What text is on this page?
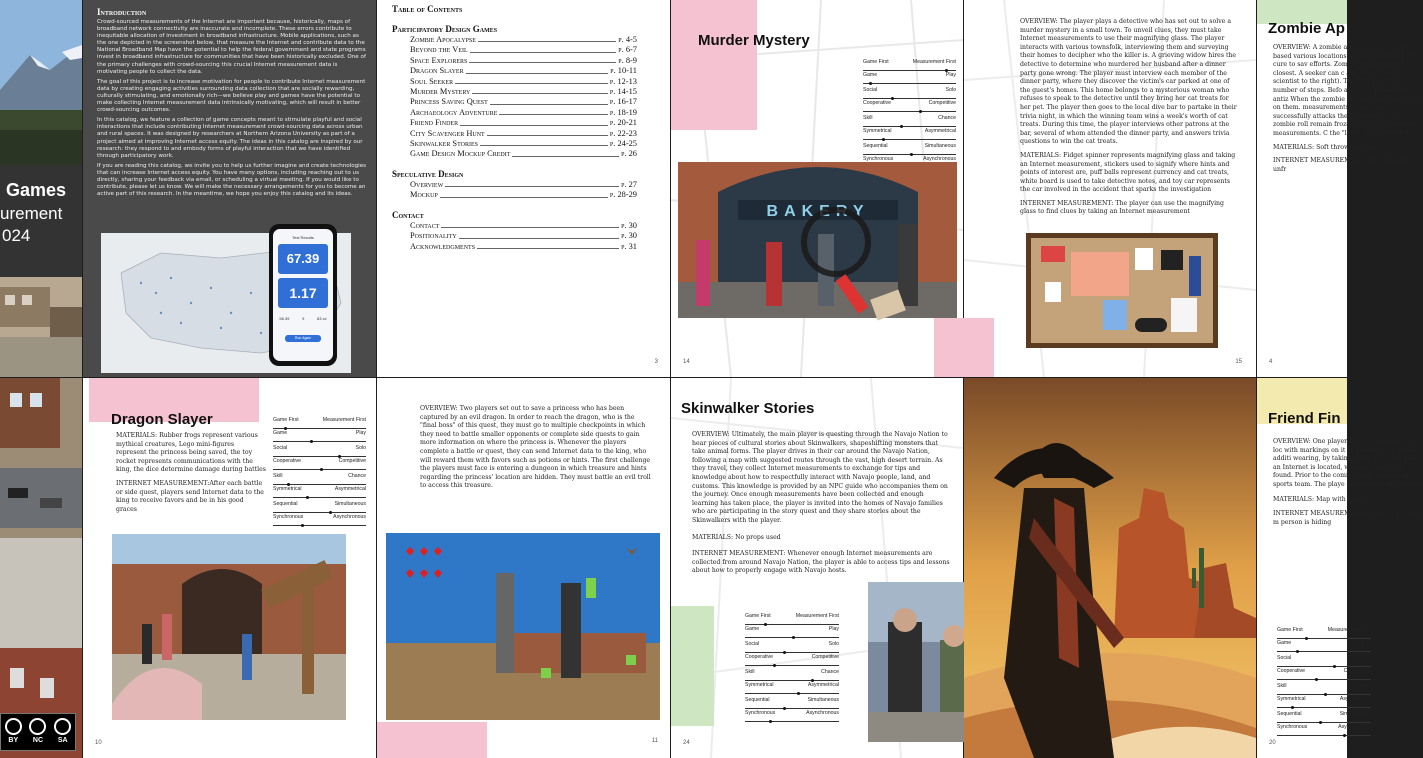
Games
urement
024
Introduction

Crowd-sourced measurements of the Internet are important because, historically, maps of broadband network connectivity are inaccurate and incomplete. These errors contribute to inequitable allocation of investment in broadband infrastructure. Mobile applications, such as the one depicted in the screenshot below, that measure the Internet and contribute data to the National Broadband Map have the potential to help the federal government and state programs invest in broadband infrastructure for communities that have been historically excluded. One of the primary challenges with crowd-sourcing this crucial Internet measurement data is motivating people to collect the data.

The goal of this project is to increase motivation for people to contribute Internet measurement data by creating engaging activities surrounding data collection that are socially rewarding, culturally stimulating, and emotionally rich—we believe play and games have the potential to make collecting Internet measurement data intrinsically motivating, which will result in better crowd-sourcing outcomes.

In this catalog, we feature a collection of game concepts meant to stimulate playful and social interactions that include contributing Internet measurement crowd-sourcing data across urban and rural spaces. It was designed by researchers at Northern Arizona University as part of a project aimed at improving Internet access equity. The ideas in this catalog are inspired by our research: they respond to and embody forms of playful interaction that we have identified through participatory work.

If you are reading this catalog, we invite you to help us further imagine and create technologies that can increase Internet access equity. You have many options, including reaching out to us directly, sharing your feedback via email, or scheduling a virtual meeting. If you would like to contribute, please let us know. We will make the necessary arrangements for you to become an active part of this research. In the meantime, we hope you enjoy this catalog and its ideas.

Test Results
67.39
1.17
56.39	9	83.xx
Run Again
Table of Contents
Participatory Design Games
Zombie Apocalypse	p. 4-5
Beyond the Veil	p. 6-7
Space Explorers	p. 8-9
Dragon Slayer	p. 10-11
Soul Seeker	p. 12-13
Murder Mystery	p. 14-15
Princess Saving Quest	p. 16-17
Archaeology Adventure	p. 18-19
Friend Finder	p. 20-21
City Scavenger Hunt	p. 22-23
Skinwalker Stories	p. 24-25
Game Design Mockup Credit	p. 26
Speculative Design
Overview	p. 27
Mockup	p. 28-29
Contact
Contact	p. 30
Positionality	p. 30
Acknowledgments	p. 31
3
Murder Mystery
Game First	Measurement First
Game	Play
Social	Solo
Cooperative	Competitive
Skill	Chance
Symmetrical	Asymmetrical
Sequential	Simultaneous
Synchronous	Asynchronous
BAKERY
14

OVERVIEW: The player plays a detective who has set out to solve a murder mystery in a small town. To unveil clues, they must take Internet measurements to use their magnifying glass. The player interacts with various townsfolk, interviewing them and surveying their homes to decipher who the killer is. A grieving widow hires the detective to determine who murdered her husband after a dinner party gone wrong. The player must interview each member of the dinner party, where they discover the victim's car parked at one of the guest's homes. This home belongs to a mysterious woman who refuses to speak to the detective until they bring her cat treats for her pet. The player then goes to the local dive bar to partake in their trivia night, in which the winning team wins a week's worth of cat treats. During this time, the player interviews other patrons at the bar, several of whom attended the dinner party, and answers trivia questions to win the cat treats.

MATERIALS: Fidget spinner represents magnifying glass and taking an Internet measurement, stickers used to signify where hints and points of interest are, puff balls represent currency and cat treats, white board is used to take detective notes, and toy car represents the car involved in the accident that sparks the investigation

INTERNET MEASUREMENT: The player can use the magnifying glass to find clues by taking an Internet measurement

15
Zombie Ap

OVERVIEW: A zombie ap searching for plant-based various locations, receivi searching for a cure to sav efforts. Zombie players m the closest. A seeker can c and closer to the scientist to the right). The first dicc the number of steps. Befo area to represent the antiz When the zombie is close make an attack on them. measurements to save the successfully attacks the se zombie. If the zombie roll remain frozen for 10 seco Internet measurements. C the "level." However, if th

MATERIALS: Soft throw reference

INTERNET MEASUREM location hints and to unfr

4
BY NC SA
Dragon Slayer

MATERIALS: Rubber frogs represent various mythical creatures, Lego mini-figures represent the princess being saved, the toy rocket represents communications with the king, the dice determine damage during battles

INTERNET MEASUREMENT:After each battle or side quest, players send Internet data to the king to receive favors and be in his good graces

Game First	Measurement First
Game	Play
Social	Solo
Cooperative	Competitive
Skill	Chance
Symmetrical	Asymmetrical
Sequential	Simultaneous
Synchronous	Asynchronous
10
OVERVIEW: Two players set out to save a princess who has been captured by an evil dragon. In order to reach the dragon, who is the "final boss" of this quest, they must go to multiple checkpoints in which they need to battle smaller opponents or complete side quests to gain more information on where the princess is. Whenever the players complete a battle or quest, they can send Internet data to the king, who will reward them with favors such as potions or hints. The first challenge the players must face is entering a dungeon in which treasure and hints regarding the princess' location are hidden. They must battle an evil troll to access this treasure.
11
Skinwalker Stories

OVERVIEW: Ultimately, the main player is questing through the Navajo Nation to hear pieces of cultural stories about Skinwalkers, shapeshifting monsters that take animal forms. The player drives in their car around the Navajo Nation, following a map with suggested routes through the vast, high desert terrain. As they travel, they collect Internet measurements to exchange for tips and knowledge about how to respectfully interact with Navajo people, land, and customs. This knowledge is provided by an NPC guide who accompanies them on the journey. Once enough measurements have been collected and enough learning has taken place, the player is invited into the homes of Navajo families who are participating in the story quest and they share stories about the Skinwalkers with the player.

MATERIALS: No props used

INTERNET MEASUREMENT: Whenever enough Internet measurements are collected from around Navajo Nation, the player is able to access tips and lessons about how to properly engage with Navajo hosts.

Game First	Measurement First
Game	Play
Social	Solo
Cooperative	Competitive
Skill	Chance
Symmetrical	Asymmetrical
Sequential	Simultaneous
Synchronous	Asynchronous
24
Friend Fin

OVERVIEW: One player first "target player" is loc with markings on it to d seeker can receive additi wearing, by taking additi will each take an Internet is located, working toget been found. Prior to the commonality that would a sports team. The playe giving them the opportu

MATERIALS: Map with located

INTERNET MEASUREM must take an Internet m person is hiding

Game First	Measurement First
Game	Play
Social	Solo
Cooperative	Competitive
Skill	Chance
Symmetrical	Asymmetrical
Sequential	Simultaneous
Synchronous	Asynchronous
20
